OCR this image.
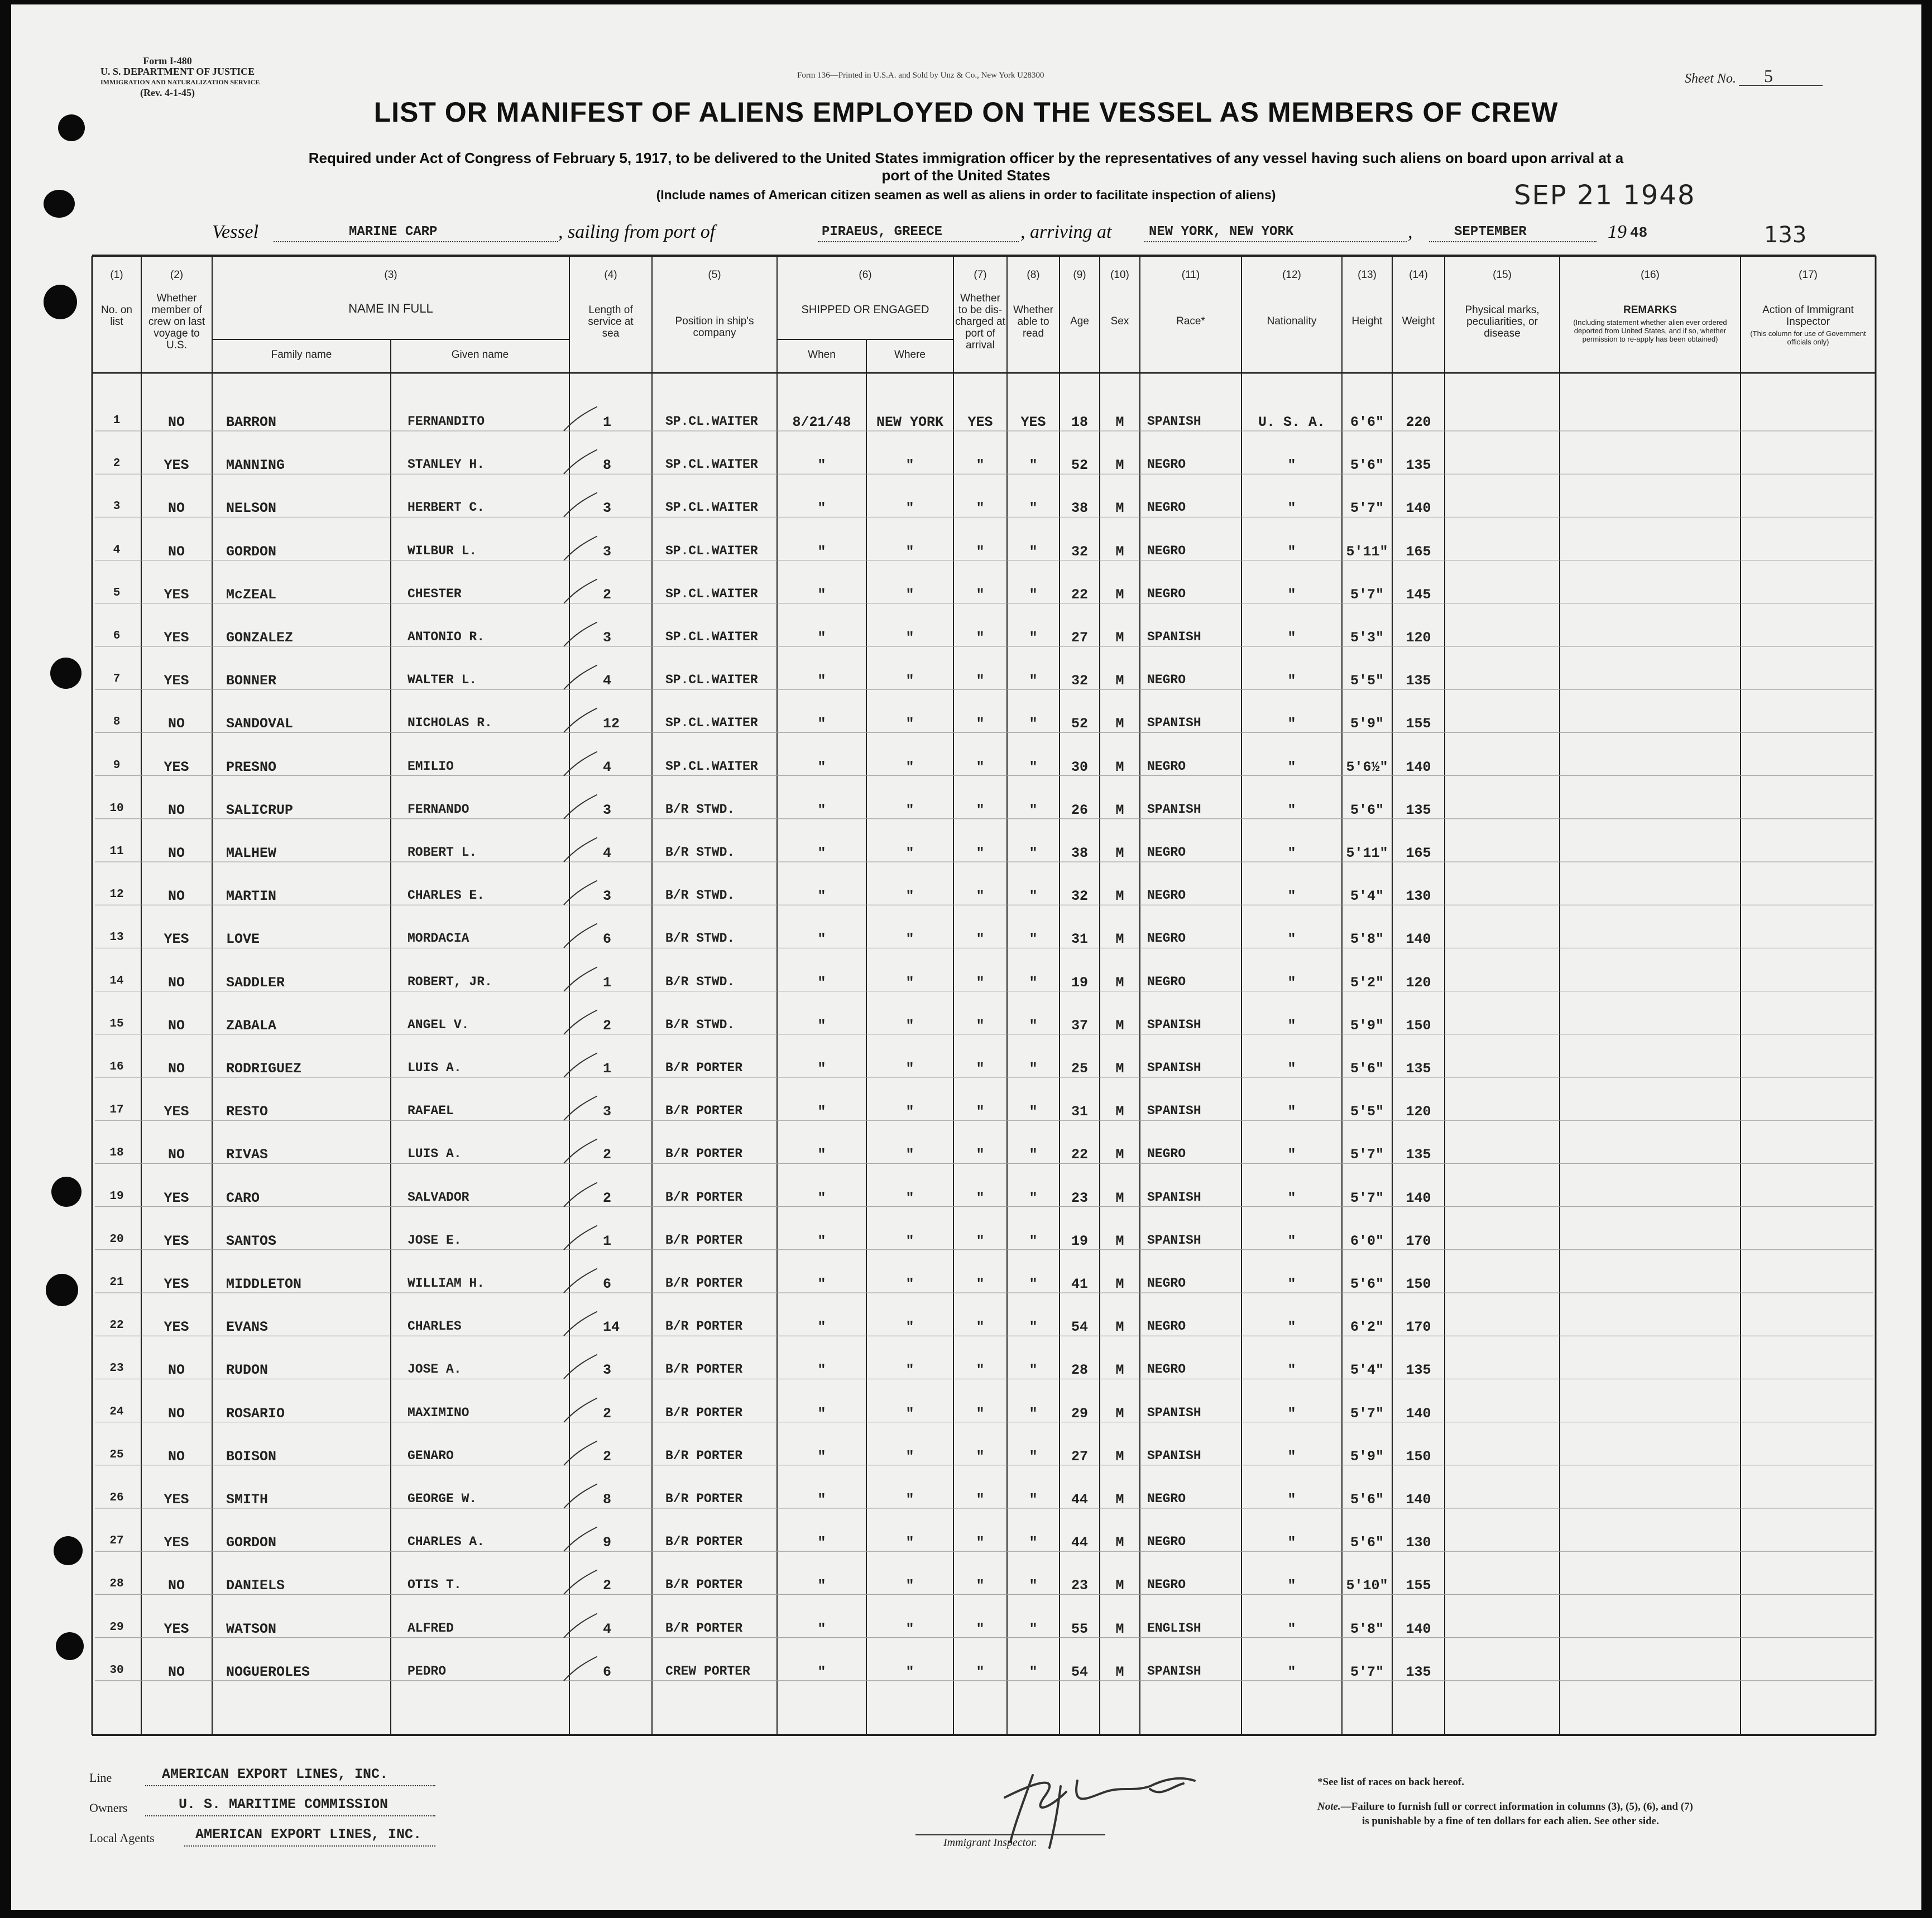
Form I-480
U. S. DEPARTMENT OF JUSTICE
IMMIGRATION AND NATURALIZATION SERVICE
(Rev. 4-1-45)
Form 136—Printed in U.S.A. and Sold by Unz & Co., New York U28300	Sheet No. 5
LIST OR MANIFEST OF ALIENS EMPLOYED ON THE VESSEL AS MEMBERS OF CREW
Required under Act of Congress of February 5, 1917, to be delivered to the United States immigration officer by the representatives of any vessel having such aliens on board upon arrival at a
port of the United States
(Include names of American citizen seamen as well as aliens in order to facilitate inspection of aliens)	SEP 21 1948
Vessel	MARINE CARP	, sailing from port of	PIRAEUS, GREECE	, arriving at	NEW YORK, NEW YORK	,	SEPTEMBER	19 48	133
(1)
No. on list
(2)
Whether member of crew on last voyage to U.S.
(3)
NAME IN FULL
Family name	Given name
(4)
Length of service at sea
(5)
Position in ship's company
(6)
SHIPPED OR ENGAGED
When	Where
(7)
Whether to be dis-charged at port of arrival
(8)
Whether able to read
(9)
Age
(10)
Sex
(11)
Race*
(12)
Nationality
(13)
Height
(14)
Weight
(15)
Physical marks, peculiarities, or disease
(16)
REMARKS
(Including statement whether alien ever ordered deported from United States, and if so, whether permission to re-apply has been obtained)
(17)
Action of Immigrant Inspector
(This column for use of Government officials only)
1	NO	BARRON	FERNANDITO	1	SP.CL.WAITER	8/21/48	NEW YORK	YES	YES	18	M	SPANISH	U. S. A.	6'6"	220
2	YES	MANNING	STANLEY H.	8	SP.CL.WAITER	"	"	"	"	52	M	NEGRO	"	5'6"	135
3	NO	NELSON	HERBERT C.	3	SP.CL.WAITER	"	"	"	"	38	M	NEGRO	"	5'7"	140
4	NO	GORDON	WILBUR L.	3	SP.CL.WAITER	"	"	"	"	32	M	NEGRO	"	5'11"	165
5	YES	McZEAL	CHESTER	2	SP.CL.WAITER	"	"	"	"	22	M	NEGRO	"	5'7"	145
6	YES	GONZALEZ	ANTONIO R.	3	SP.CL.WAITER	"	"	"	"	27	M	SPANISH	"	5'3"	120
7	YES	BONNER	WALTER L.	4	SP.CL.WAITER	"	"	"	"	32	M	NEGRO	"	5'5"	135
8	NO	SANDOVAL	NICHOLAS R.	12	SP.CL.WAITER	"	"	"	"	52	M	SPANISH	"	5'9"	155
9	YES	PRESNO	EMILIO	4	SP.CL.WAITER	"	"	"	"	30	M	NEGRO	"	5'6½"	140
10	NO	SALICRUP	FERNANDO	3	B/R STWD.	"	"	"	"	26	M	SPANISH	"	5'6"	135
11	NO	MALHEW	ROBERT L.	4	B/R STWD.	"	"	"	"	38	M	NEGRO	"	5'11"	165
12	NO	MARTIN	CHARLES E.	3	B/R STWD.	"	"	"	"	32	M	NEGRO	"	5'4"	130
13	YES	LOVE	MORDACIA	6	B/R STWD.	"	"	"	"	31	M	NEGRO	"	5'8"	140
14	NO	SADDLER	ROBERT, JR.	1	B/R STWD.	"	"	"	"	19	M	NEGRO	"	5'2"	120
15	NO	ZABALA	ANGEL V.	2	B/R STWD.	"	"	"	"	37	M	SPANISH	"	5'9"	150
16	NO	RODRIGUEZ	LUIS A.	1	B/R PORTER	"	"	"	"	25	M	SPANISH	"	5'6"	135
17	YES	RESTO	RAFAEL	3	B/R PORTER	"	"	"	"	31	M	SPANISH	"	5'5"	120
18	NO	RIVAS	LUIS A.	2	B/R PORTER	"	"	"	"	22	M	NEGRO	"	5'7"	135
19	YES	CARO	SALVADOR	2	B/R PORTER	"	"	"	"	23	M	SPANISH	"	5'7"	140
20	YES	SANTOS	JOSE E.	1	B/R PORTER	"	"	"	"	19	M	SPANISH	"	6'0"	170
21	YES	MIDDLETON	WILLIAM H.	6	B/R PORTER	"	"	"	"	41	M	NEGRO	"	5'6"	150
22	YES	EVANS	CHARLES	14	B/R PORTER	"	"	"	"	54	M	NEGRO	"	6'2"	170
23	NO	RUDON	JOSE A.	3	B/R PORTER	"	"	"	"	28	M	NEGRO	"	5'4"	135
24	NO	ROSARIO	MAXIMINO	2	B/R PORTER	"	"	"	"	29	M	SPANISH	"	5'7"	140
25	NO	BOISON	GENARO	2	B/R PORTER	"	"	"	"	27	M	SPANISH	"	5'9"	150
26	YES	SMITH	GEORGE W.	8	B/R PORTER	"	"	"	"	44	M	NEGRO	"	5'6"	140
27	YES	GORDON	CHARLES A.	9	B/R PORTER	"	"	"	"	44	M	NEGRO	"	5'6"	130
28	NO	DANIELS	OTIS T.	2	B/R PORTER	"	"	"	"	23	M	NEGRO	"	5'10"	155
29	YES	WATSON	ALFRED	4	B/R PORTER	"	"	"	"	55	M	ENGLISH	"	5'8"	140
30	NO	NOGUEROLES	PEDRO	6	CREW PORTER	"	"	"	"	54	M	SPANISH	"	5'7"	135
Line	AMERICAN EXPORT LINES, INC.
Owners	U. S. MARITIME COMMISSION
Local Agents	AMERICAN EXPORT LINES, INC.	Immigrant Inspector.
*See list of races on back hereof.
Note.—Failure to furnish full or correct information in columns (3), (5), (6), and (7)
is punishable by a fine of ten dollars for each alien. See other side.
